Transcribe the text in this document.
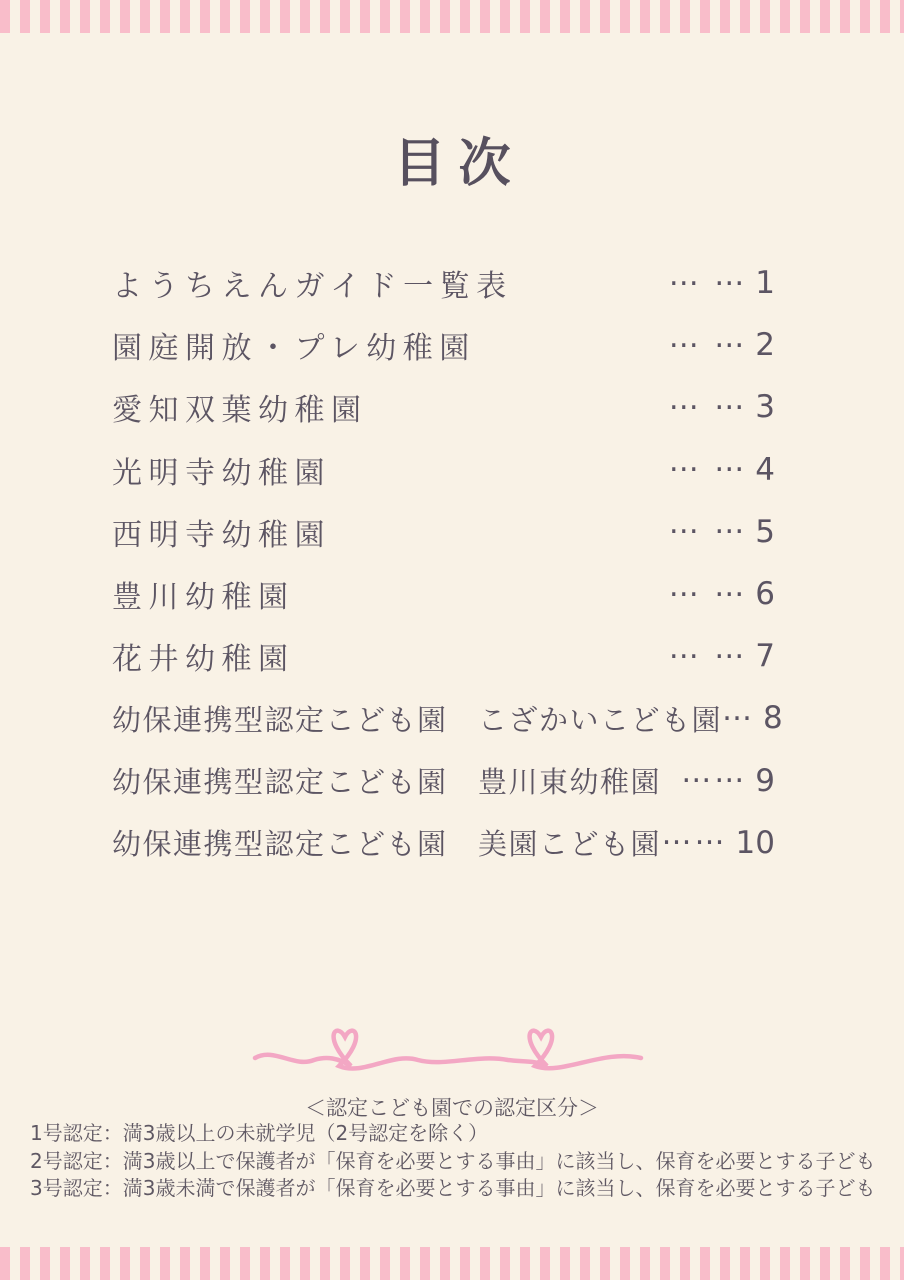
目次
ようちえんガイド一覧表	… … 1
園庭開放・プレ幼稚園	… … 2
愛知双葉幼稚園	… … 3
光明寺幼稚園	… … 4
西明寺幼稚園	… … 5
豊川幼稚園	… … 6
花井幼稚園	… … 7
幼保連携型認定こども園　こざかいこども園 … 8
幼保連携型認定こども園　豊川東幼稚園 …… 9
幼保連携型認定こども園　美園こども園 …… 10
＜認定こども園での認定区分＞
1号認定：満3歳以上の未就学児（2号認定を除く）
2号認定：満3歳以上で保護者が「保育を必要とする事由」に該当し、保育を必要とする子ども
3号認定：満3歳未満で保護者が「保育を必要とする事由」に該当し、保育を必要とする子ども
